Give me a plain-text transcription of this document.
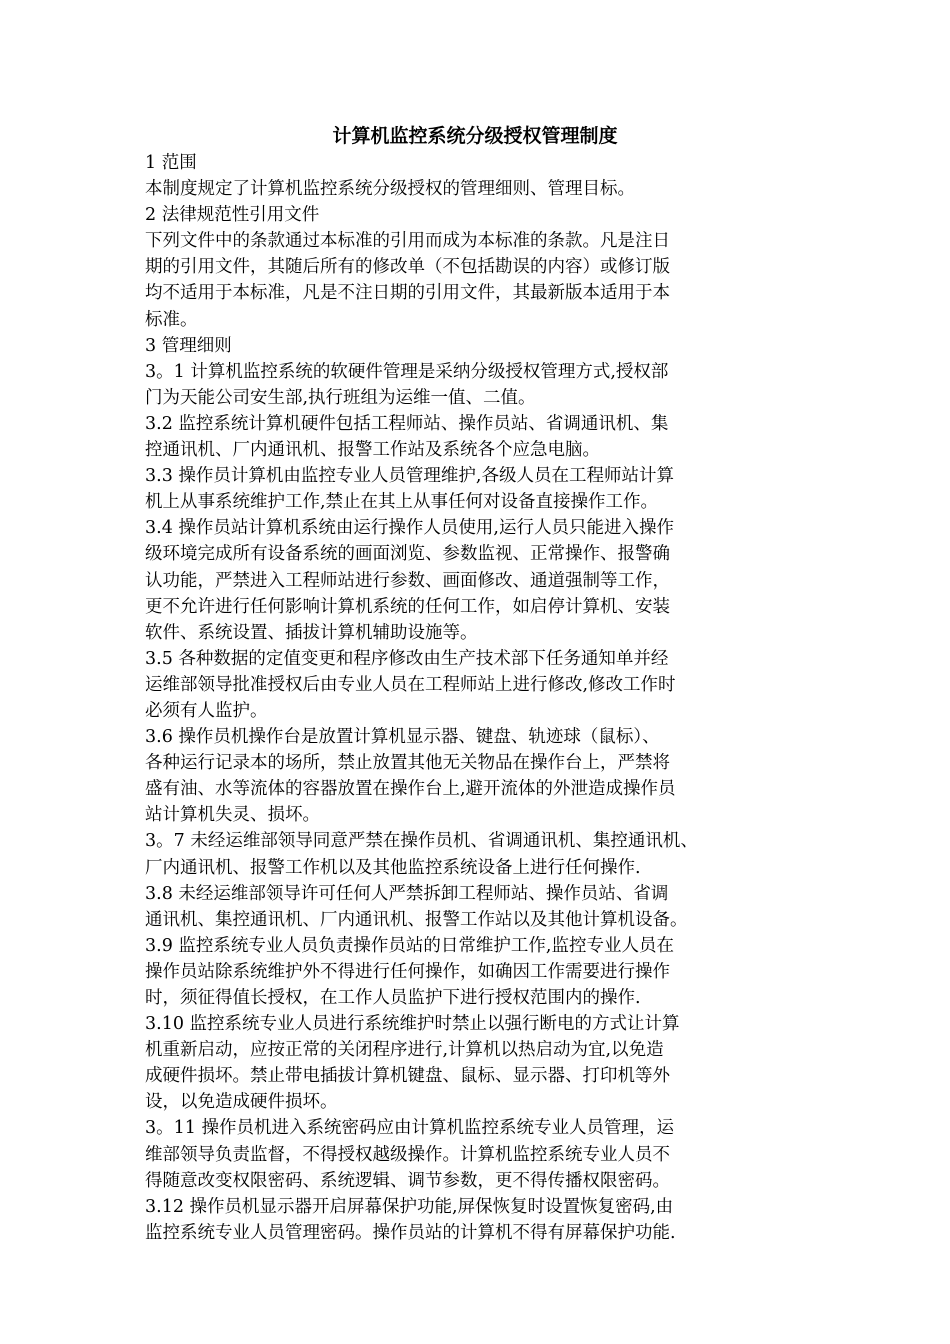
计算机监控系统分级授权管理制度
1 范围
本制度规定了计算机监控系统分级授权的管理细则、管理目标。
2 法律规范性引用文件
下列文件中的条款通过本标准的引用而成为本标准的条款。凡是注日
期的引用文件，其随后所有的修改单（不包括勘误的内容）或修订版
均不适用于本标准，凡是不注日期的引用文件，其最新版本适用于本
标准。
3 管理细则
3。1 计算机监控系统的软硬件管理是采纳分级授权管理方式,授权部
门为天能公司安生部,执行班组为运维一值、二值。
3.2 监控系统计算机硬件包括工程师站、操作员站、省调通讯机、集
控通讯机、厂内通讯机、报警工作站及系统各个应急电脑。
3.3 操作员计算机由监控专业人员管理维护,各级人员在工程师站计算
机上从事系统维护工作,禁止在其上从事任何对设备直接操作工作。
3.4 操作员站计算机系统由运行操作人员使用,运行人员只能进入操作
级环境完成所有设备系统的画面浏览、参数监视、正常操作、报警确
认功能，严禁进入工程师站进行参数、画面修改、通道强制等工作，
更不允许进行任何影响计算机系统的任何工作，如启停计算机、安装
软件、系统设置、插拔计算机辅助设施等。
3.5 各种数据的定值变更和程序修改由生产技术部下任务通知单并经
运维部领导批准授权后由专业人员在工程师站上进行修改,修改工作时
必须有人监护。
3.6 操作员机操作台是放置计算机显示器、键盘、轨迹球（鼠标）、
各种运行记录本的场所，禁止放置其他无关物品在操作台上，严禁将
盛有油、水等流体的容器放置在操作台上,避开流体的外泄造成操作员
站计算机失灵、损坏。
3。7 未经运维部领导同意严禁在操作员机、省调通讯机、集控通讯机、
厂内通讯机、报警工作机以及其他监控系统设备上进行任何操作.
3.8 未经运维部领导许可任何人严禁拆卸工程师站、操作员站、省调
通讯机、集控通讯机、厂内通讯机、报警工作站以及其他计算机设备。
3.9 监控系统专业人员负责操作员站的日常维护工作,监控专业人员在
操作员站除系统维护外不得进行任何操作，如确因工作需要进行操作
时，须征得值长授权，在工作人员监护下进行授权范围内的操作.
3.10 监控系统专业人员进行系统维护时禁止以强行断电的方式让计算
机重新启动，应按正常的关闭程序进行,计算机以热启动为宜,以免造
成硬件损坏。禁止带电插拔计算机键盘、鼠标、显示器、打印机等外
设，以免造成硬件损坏。
3。11 操作员机进入系统密码应由计算机监控系统专业人员管理，运
维部领导负责监督，不得授权越级操作。计算机监控系统专业人员不
得随意改变权限密码、系统逻辑、调节参数，更不得传播权限密码。
3.12 操作员机显示器开启屏幕保护功能,屏保恢复时设置恢复密码,由
监控系统专业人员管理密码。操作员站的计算机不得有屏幕保护功能.
